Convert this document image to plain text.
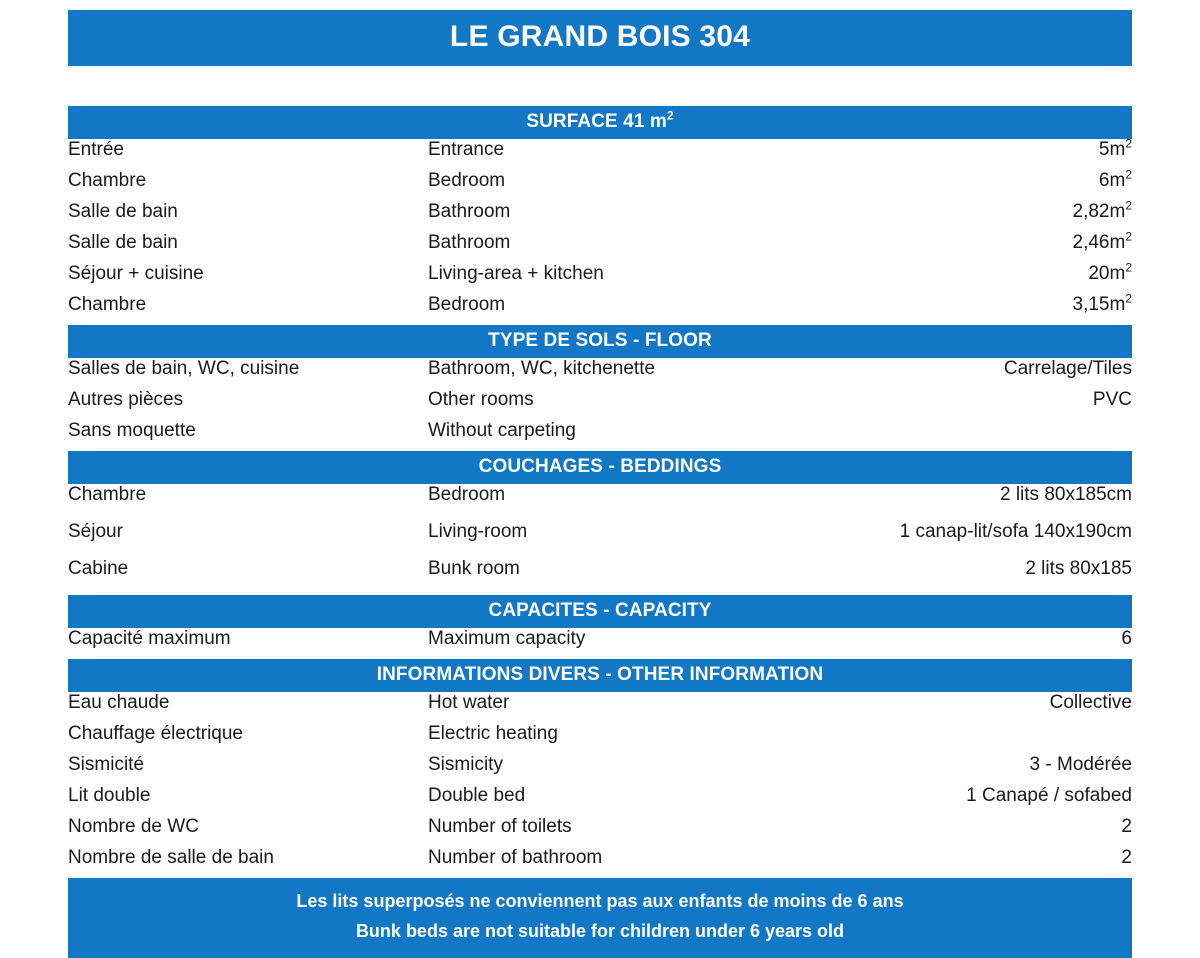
LE GRAND BOIS 304
SURFACE 41 $m^2$
Entrée	Entrance	$5m^2$
Chambre	Bedroom	$6m^2$
Salle de bain	Bathroom	$2,82m^2$
Salle de bain	Bathroom	$2,46m^2$
Séjour + cuisine	Living-area + kitchen	$20m^2$
Chambre	Bedroom	$3,15m^2$
TYPE DE SOLS - FLOOR
Salles de bain, WC, cuisine	Bathroom, WC, kitchenette	Carrelage/Tiles
Autres pièces	Other rooms	PVC
Sans moquette	Without carpeting	
COUCHAGES - BEDDINGS
Chambre	Bedroom	2 lits 80x185cm
Séjour	Living-room	1 canap-lit/sofa 140x190cm
Cabine	Bunk room	2 lits 80x185
CAPACITES - CAPACITY
Capacité maximum	Maximum capacity	6
INFORMATIONS DIVERS - OTHER INFORMATION
Eau chaude	Hot water	Collective
Chauffage électrique	Electric heating	
Sismicité	Sismicity	3 - Modérée
Lit double	Double bed	1 Canapé / sofabed
Nombre de WC	Number of toilets	2
Nombre de salle de bain	Number of bathroom	2
Les lits superposés ne conviennent pas aux enfants de moins de 6 ans
Bunk beds are not suitable for children under 6 years old
